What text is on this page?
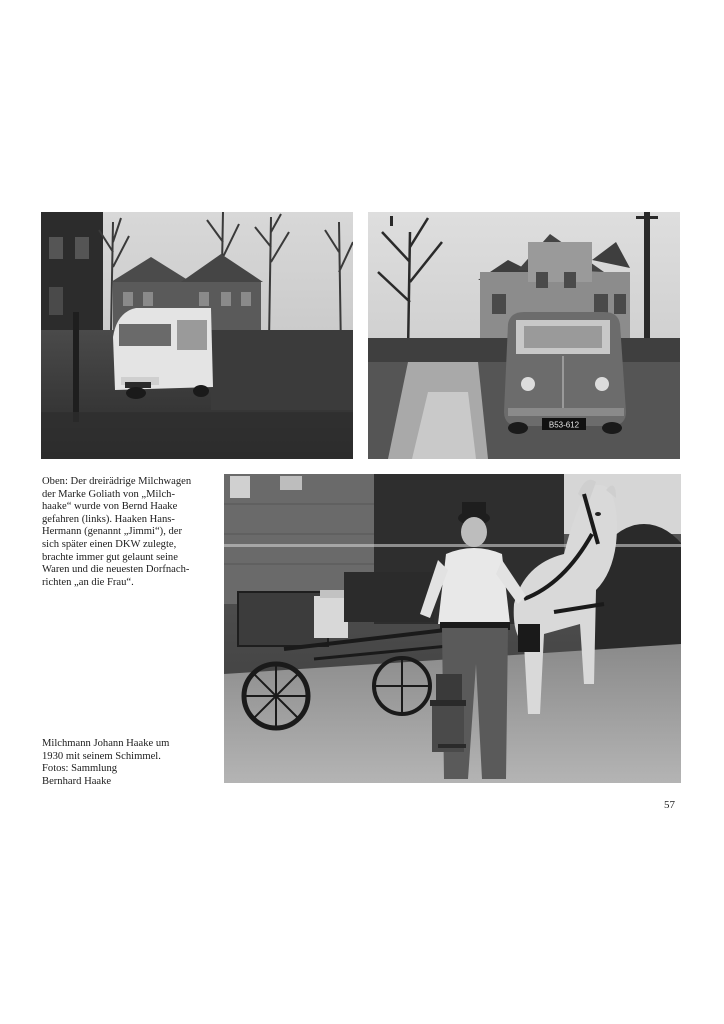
B53-612
Oben: Der dreirädrige Milchwagen
der Marke Goliath von „Milch-
haake“ wurde von Bernd Haake
gefahren (links). Haaken Hans-
Hermann (genannt „Jimmi“), der
sich später einen DKW zulegte,
brachte immer gut gelaunt seine
Waren und die neuesten Dorfnach-
richten „an die Frau“.
Milchmann Johann Haake um
1930 mit seinem Schimmel.
Fotos: Sammlung
Bernhard Haake
57
